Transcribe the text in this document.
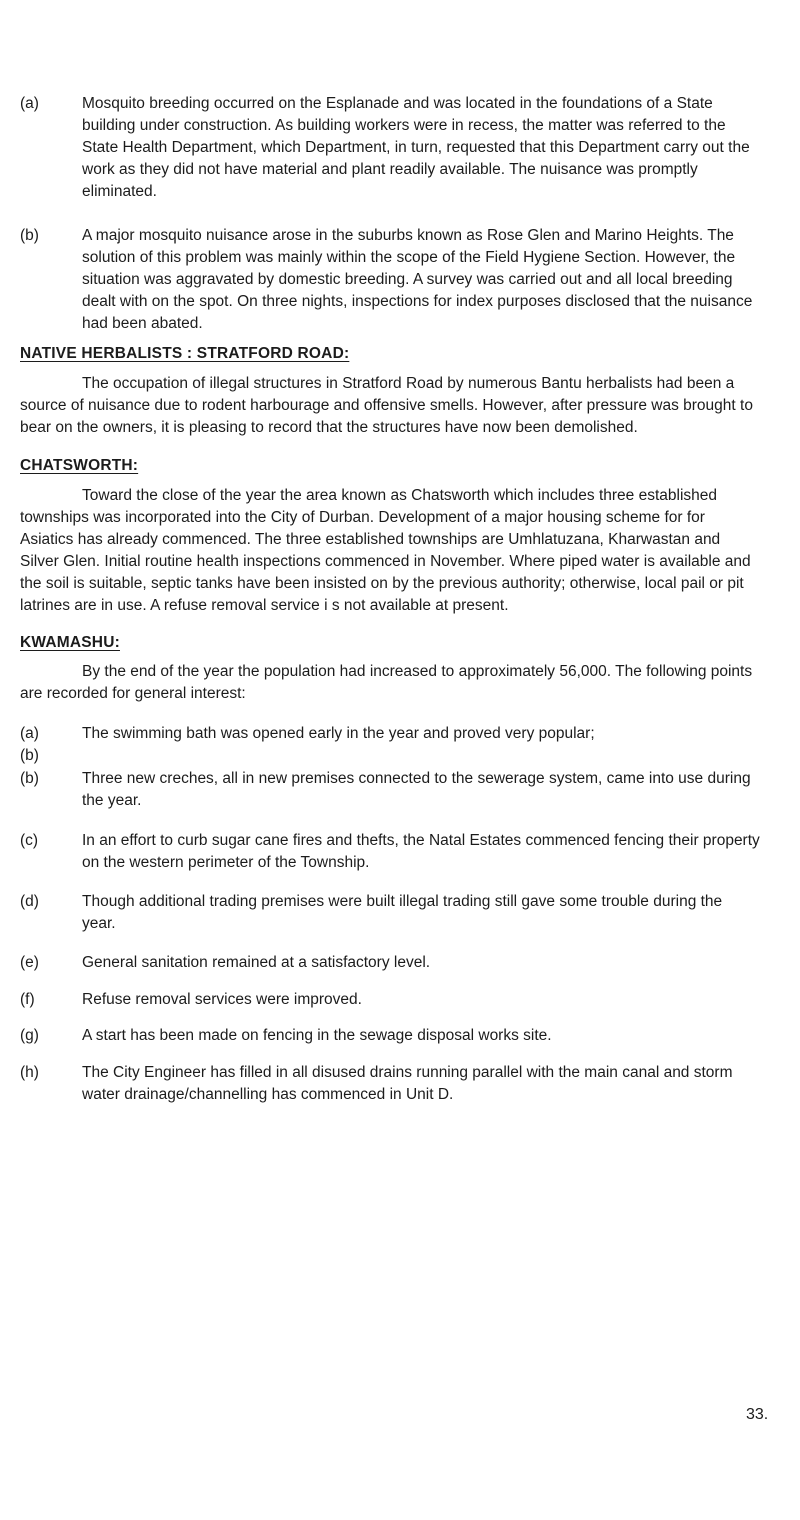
(a)	Mosquito breeding occurred on the Esplanade and was located in the foundations of a State building under construction. As building workers were in recess, the matter was referred to the State Health Department, which Department, in turn, requested that this Department carry out the work as they did not have material and plant readily available. The nuisance was promptly eliminated.
(b)	A major mosquito nuisance arose in the suburbs known as Rose Glen and Marino Heights. The solution of this problem was mainly within the scope of the Field Hygiene Section. However, the situation was aggravated by domestic breeding. A survey was carried out and all local breeding dealt with on the spot. On three nights, inspections for index purposes disclosed that the nuisance had been abated.
NATIVE HERBALISTS : STRATFORD ROAD:
The occupation of illegal structures in Stratford Road by numerous Bantu herbalists had been a source of nuisance due to rodent harbourage and offensive smells. However, after pressure was brought to bear on the owners, it is pleasing to record that the structures have now been demolished.
CHATSWORTH:
Toward the close of the year the area known as Chatsworth which includes three established townships was incorporated into the City of Durban. Development of a major housing scheme for for Asiatics has already commenced. The three established townships are Umhlatuzana, Kharwastan and Silver Glen. Initial routine health inspections commenced in November. Where piped water is available and the soil is suitable, septic tanks have been insisted on by the previous authority; otherwise, local pail or pit latrines are in use. A refuse removal service i s not available at present.
KWAMASHU:
By the end of the year the population had increased to approximately 56,000. The following points are recorded for general interest:
(a)	The swimming bath was opened early in the year and proved very popular;
(b)
(b)	Three new creches, all in new premises connected to the sewerage system, came into use during the year.
(c)	In an effort to curb sugar cane fires and thefts, the Natal Estates commenced fencing their property on the western perimeter of the Township.
(d)	Though additional trading premises were built illegal trading still gave some trouble during the year.
(e)	General sanitation remained at a satisfactory level.
(f)	Refuse removal services were improved.
(g)	A start has been made on fencing in the sewage disposal works site.
(h)	The City Engineer has filled in all disused drains running parallel with the main canal and storm water drainage/channelling has commenced in Unit D.
33.
